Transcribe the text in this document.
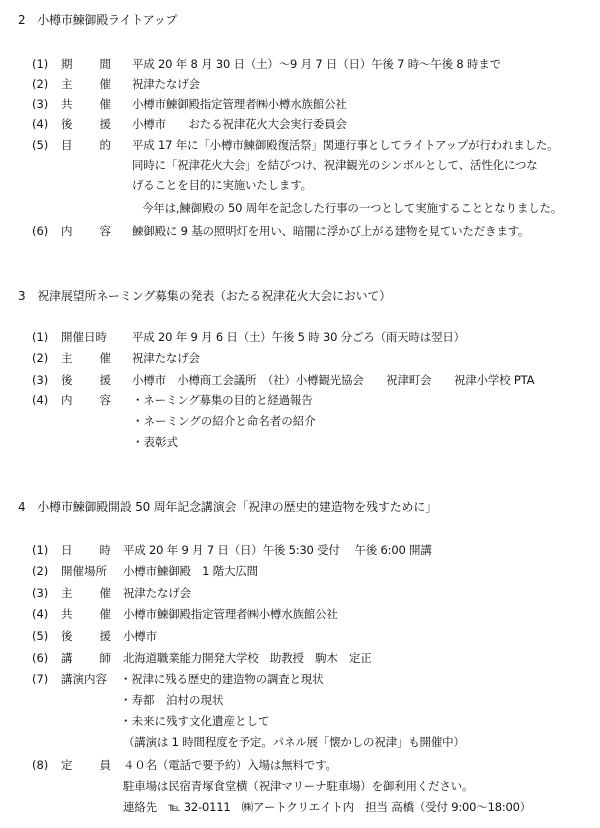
2　小樽市鰊御殿ライトアップ
(1) 期 間 平成 20 年 8 月 30 日（土）～9 月 7 日（日）午後 7 時～午後 8 時まで
(2) 主 催 祝津たなげ会
(3) 共 催 小樽市鰊御殿指定管理者㈱小樽水族館公社
(4) 後 援 小樽市　　おたる祝津花火大会実行委員会
(5) 目 的 平成 17 年に「小樽市鰊御殿復活祭」関連行事としてライトアップが行われました。
同時に「祝津花火大会」を結びつけ、祝津観光のシンボルとして、活性化につな
げることを目的に実施いたします。
今年は,鰊御殿の 50 周年を記念した行事の一つとして実施することとなりました。
(6) 内 容 鰊御殿に 9 基の照明灯を用い、暗闇に浮かび上がる建物を見ていただきます。
3　祝津展望所ネーミング募集の発表（おたる祝津花火大会において）
(1) 開催日時 平成 20 年 9 月 6 日（土）午後 5 時 30 分ごろ（雨天時は翌日）
(2) 主 催 祝津たなげ会
(3) 後 援 小樽市　小樽商工会議所　（社）小樽観光協会　　祝津町会　　祝津小学校 PTA
(4) 内 容 ・ネーミング募集の目的と経過報告
・ネーミングの紹介と命名者の紹介
・表彰式
4　小樽市鰊御殿開設 50 周年記念講演会「祝津の歴史的建造物を残すために」
(1) 日 時 平成 20 年 9 月 7 日（日）午後 5:30 受付　 午後 6:00 開講
(2) 開催場所 小樽市鰊御殿　1 階大広間
(3) 主 催 祝津たなげ会
(4) 共 催 小樽市鰊御殿指定管理者㈱小樽水族館公社
(5) 後 援 小樽市
(6) 講 師 北海道職業能力開発大学校　助教授　駒木　定正
(7) 講演内容 ・祝津に残る歴史的建造物の調査と現状
・寿都　泊村の現状
・未来に残す文化遺産として
（講演は 1 時間程度を予定。パネル展「懐かしの祝津」も開催中）
(8) 定 員 ４０名（電話で要予約）入場は無料です。
駐車場は民宿青塚食堂横（祝津マリーナ駐車場）を御利用ください。
連絡先　℡ 32-0111　㈱アートクリエイト内　担当 高橋（受付 9:00～18:00）
